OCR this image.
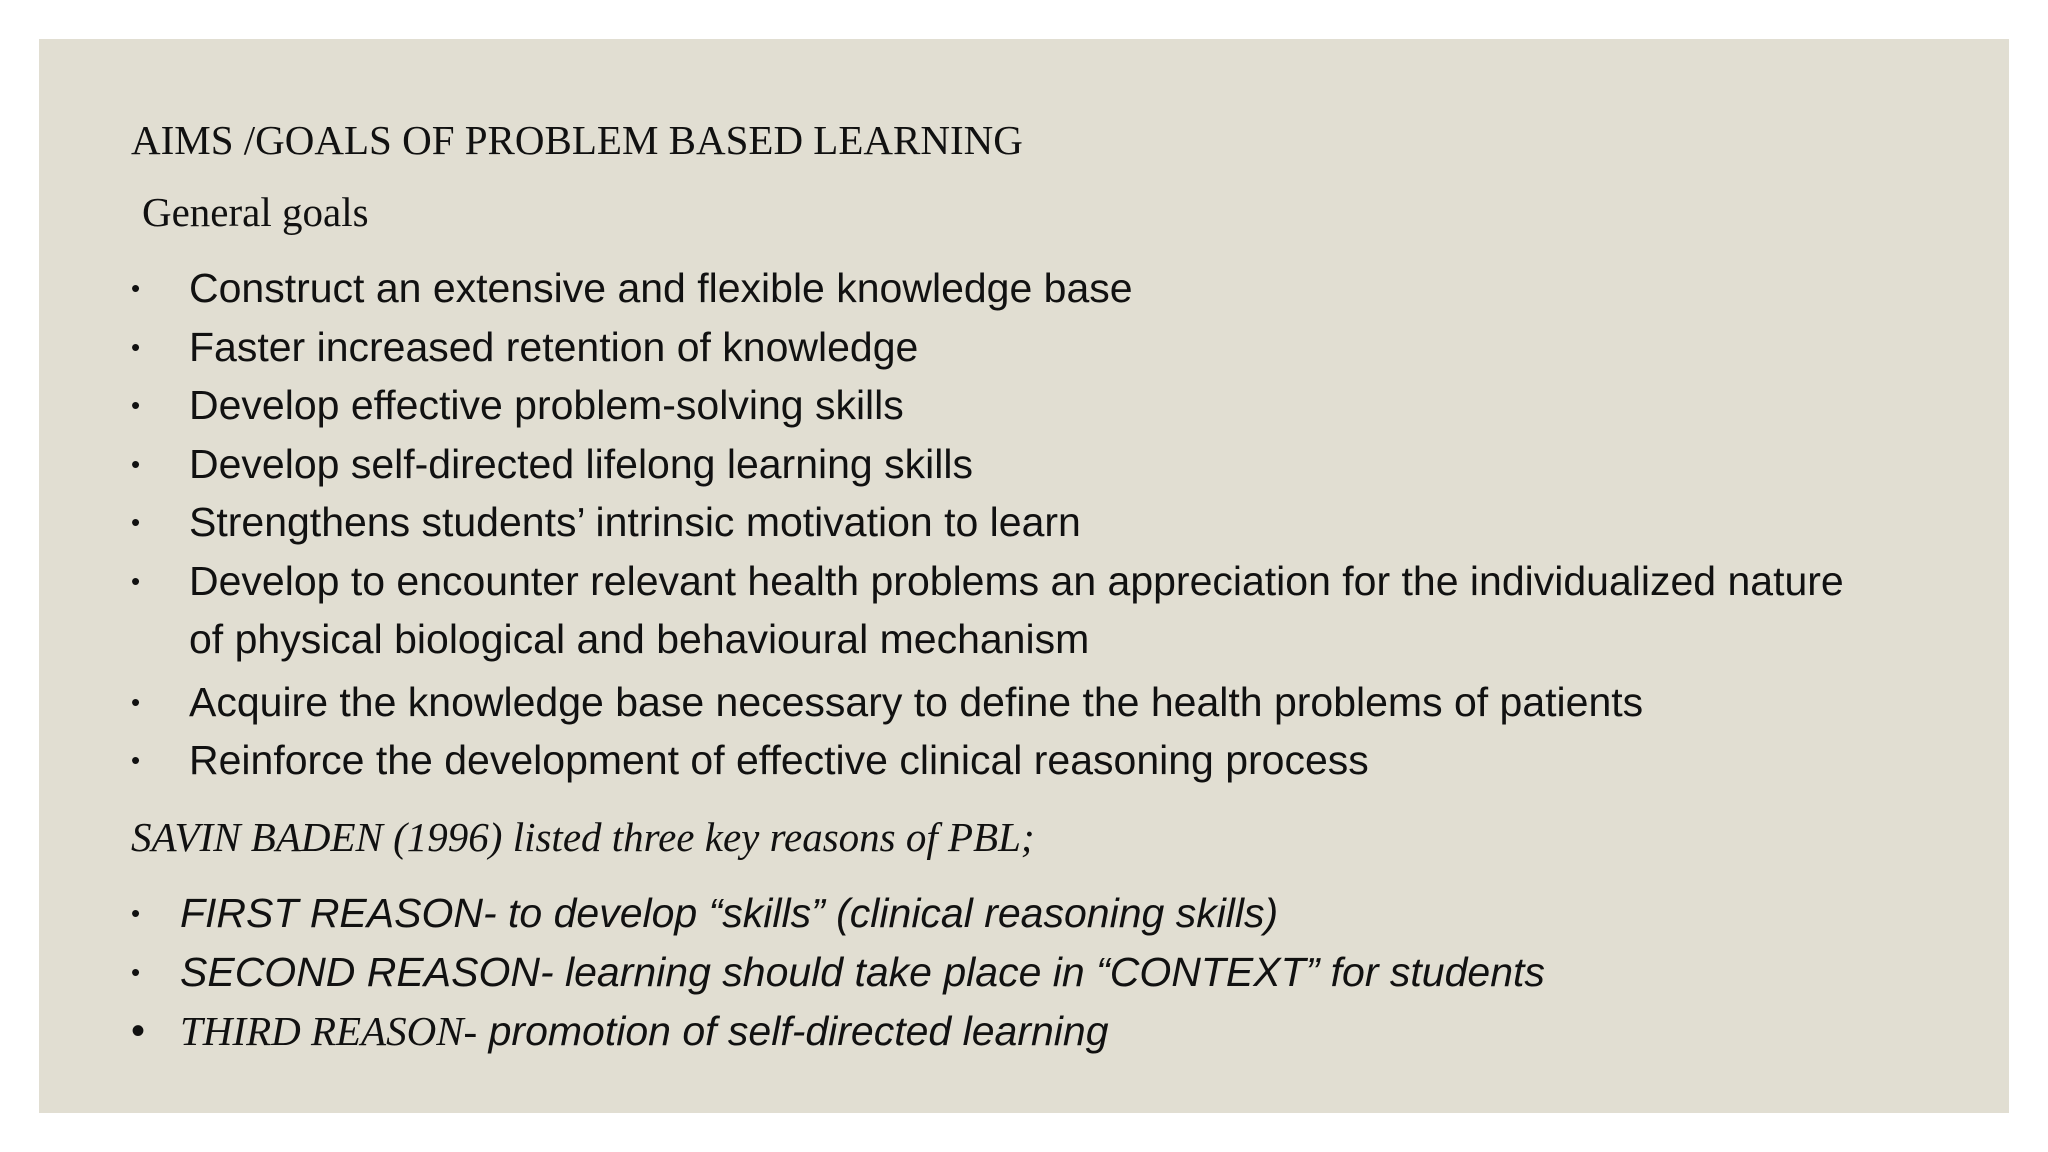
AIMS /GOALS OF PROBLEM BASED LEARNING
General goals
• Construct an extensive and flexible knowledge base
• Faster increased retention of knowledge
• Develop effective problem-solving skills
• Develop self-directed lifelong learning skills
• Strengthens students’ intrinsic motivation to learn
• Develop to encounter relevant health problems an appreciation for the individualized nature of physical biological and behavioural mechanism
• Acquire the knowledge base necessary to define the health problems of patients
• Reinforce the development of effective clinical reasoning process

SAVIN BADEN (1996) listed three key reasons of PBL;

• FIRST REASON- to develop “skills” (clinical reasoning skills)
• SECOND REASON- learning should take place in “CONTEXT” for students
• THIRD REASON- promotion of self-directed learning
